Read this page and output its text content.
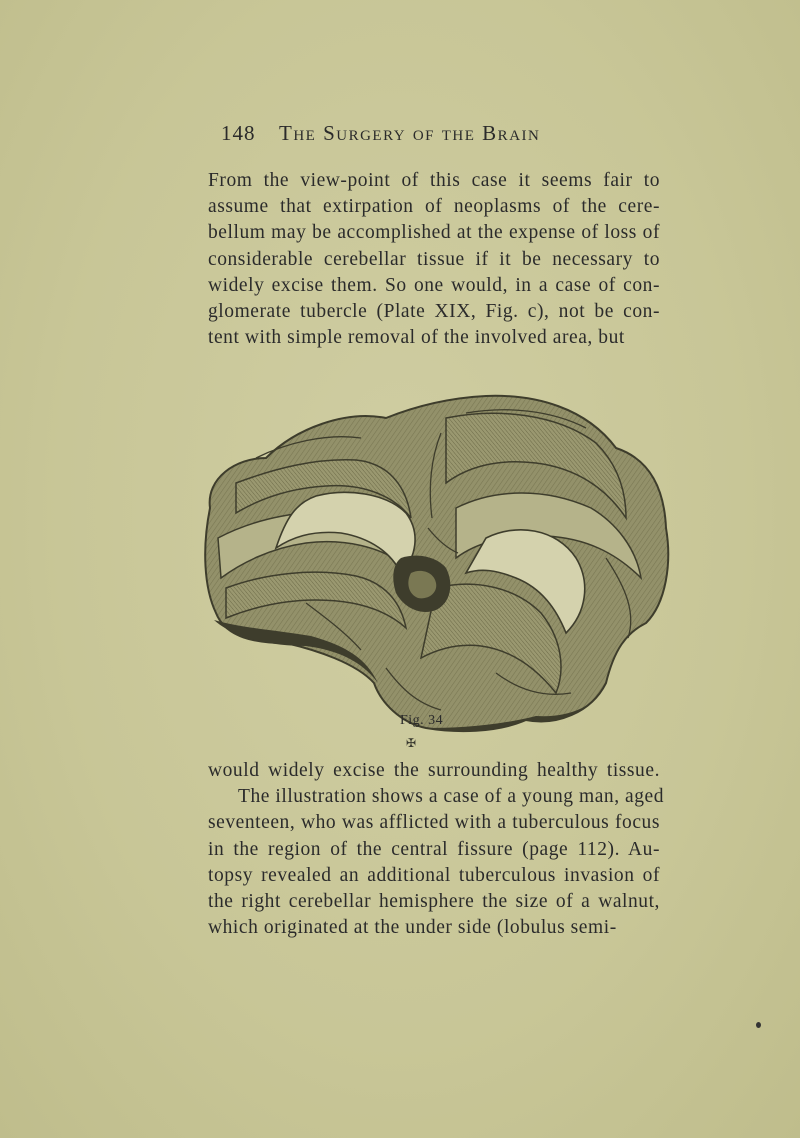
148 The Surgery of the Brain
From the view-point of this case it seems fair to
assume that extirpation of neoplasms of the cere-
bellum may be accomplished at the expense of loss of
considerable cerebellar tissue if it be necessary to
widely excise them. So one would, in a case of con-
glomerate tubercle (Plate XIX, Fig. c), not be con-
tent with simple removal of the involved area, but
Fig. 34
✠
would widely excise the surrounding healthy tissue.
The illustration shows a case of a young man, aged
seventeen, who was afflicted with a tuberculous focus
in the region of the central fissure (page 112). Au-
topsy revealed an additional tuberculous invasion of
the right cerebellar hemisphere the size of a walnut,
which originated at the under side (lobulus semi-
